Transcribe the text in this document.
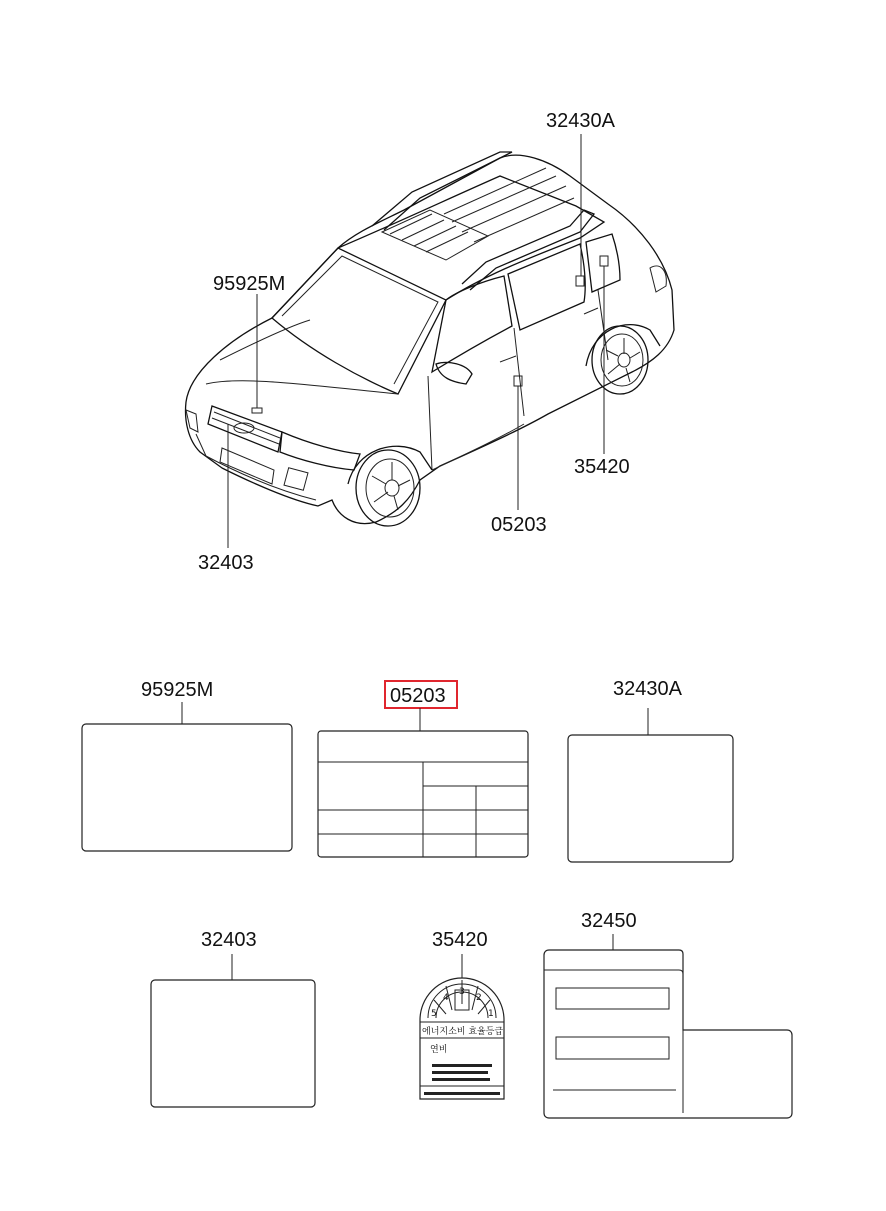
32430A
95925M
35420
05203
32403
95925M	05203	32430A
32403	35420
5
4
3
2
1
에너지소비 효율등급
연비
32450
